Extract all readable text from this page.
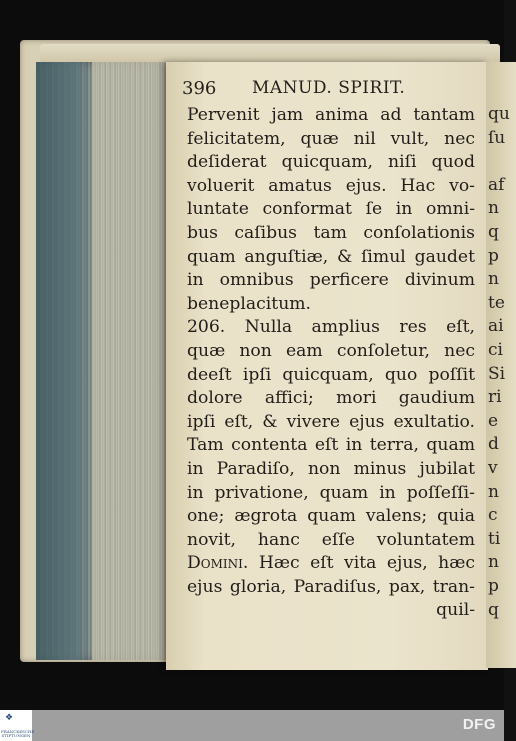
qu
ſu
af
n
q
p
n
te
ai
ci
Si
ri
e
d
v
n
c
ti
n
p
q
396 MANUD. SPIRIT.
Pervenit jam anima ad tantam
felicitatem, quæ nil vult, nec
deſiderat quicquam, niſi quod
voluerit amatus ejus. Hac vo-
luntate conformat ſe in omni-
bus caſibus tam conſolationis
quam anguſtiæ, & ſimul gaudet
in omnibus perficere divinum
beneplacitum.
206. Nulla amplius res eſt,
quæ non eam conſoletur, nec
deeſt ipſi quicquam, quo poſſit
dolore affici; mori gaudium
ipſi eſt, & vivere ejus exultatio.
Tam contenta eſt in terra, quam
in Paradiſo, non minus jubilat
in privatione, quam in poſſeſſi-
one; ægrota quam valens; quia
novit, hanc eſſe voluntatem
Domini. Hæc eſt vita ejus, hæc
ejus gloria, Paradiſus, pax, tran-
quil-
❖
FRANCKESCHE STIFTUNGEN
DFG
